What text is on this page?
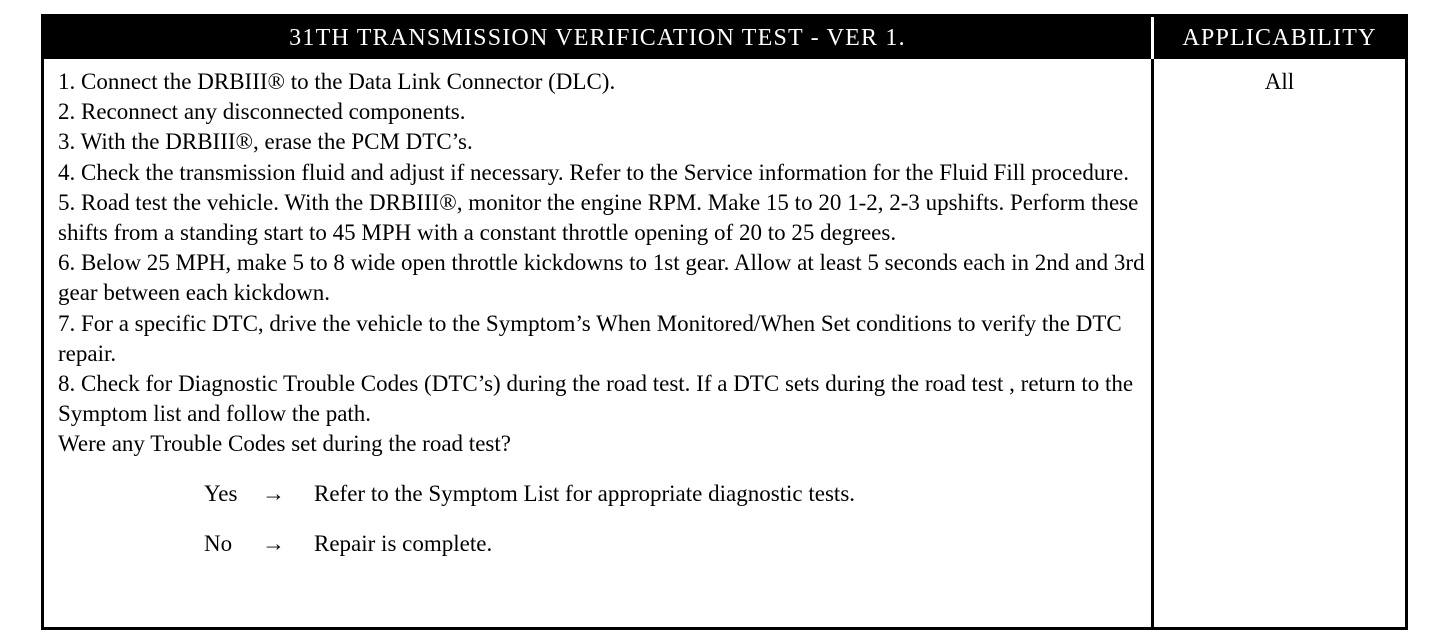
31TH TRANSMISSION VERIFICATION TEST - VER 1.	APPLICABILITY
1. Connect the DRBIII® to the Data Link Connector (DLC).
2. Reconnect any disconnected components.
3. With the DRBIII®, erase the PCM DTC’s.
4. Check the transmission fluid and adjust if necessary. Refer to the Service information for the Fluid Fill procedure.
5. Road test the vehicle. With the DRBIII®, monitor the engine RPM. Make 15 to 20 1-2, 2-3 upshifts. Perform these shifts from a standing start to 45 MPH with a constant throttle opening of 20 to 25 degrees.
6. Below 25 MPH, make 5 to 8 wide open throttle kickdowns to 1st gear. Allow at least 5 seconds each in 2nd and 3rd gear between each kickdown.
7. For a specific DTC, drive the vehicle to the Symptom’s When Monitored/When Set conditions to verify the DTC repair.
8. Check for Diagnostic Trouble Codes (DTC’s) during the road test. If a DTC sets during the road test , return to the Symptom list and follow the path.
Were any Trouble Codes set during the road test?
Yes	→	Refer to the Symptom List for appropriate diagnostic tests.
No	→	Repair is complete.
All
